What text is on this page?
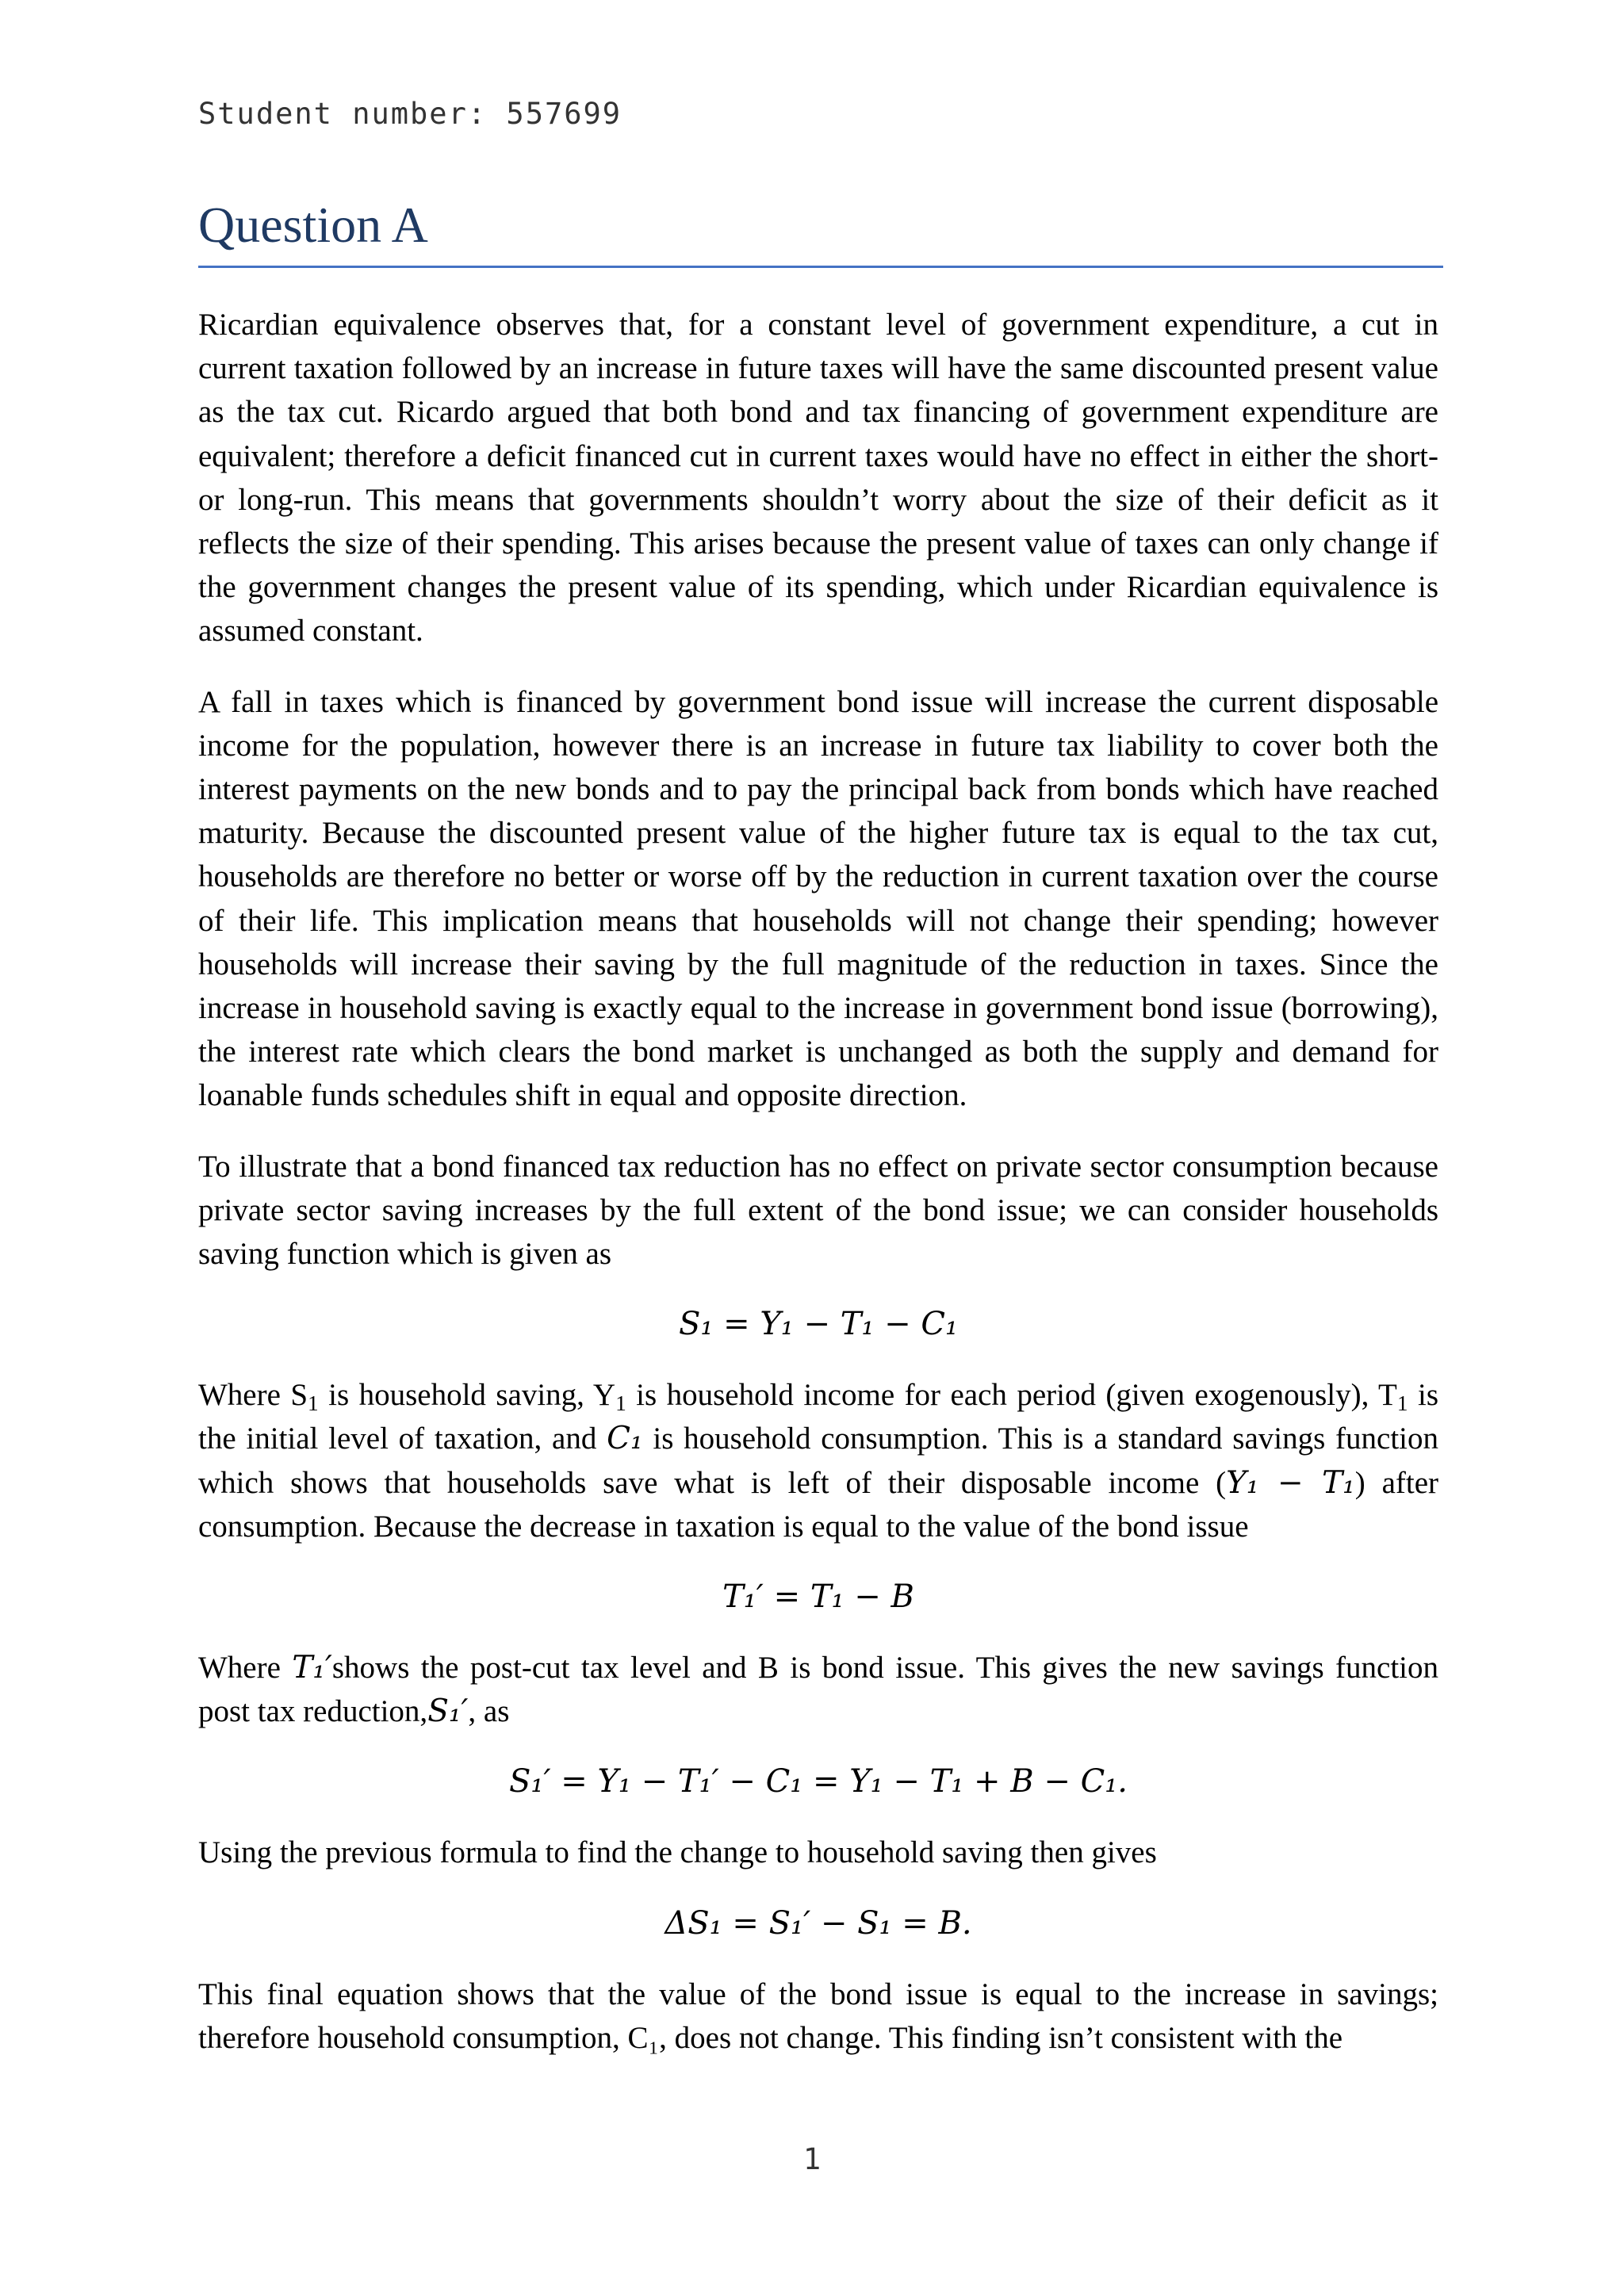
Student number: 557699
Question A

Ricardian equivalence observes that, for a constant level of government expenditure, a cut in current taxation followed by an increase in future taxes will have the same discounted present value as the tax cut. Ricardo argued that both bond and tax financing of government expenditure are equivalent; therefore a deficit financed cut in current taxes would have no effect in either the short- or long-run. This means that governments shouldn’t worry about the size of their deficit as it reflects the size of their spending. This arises because the present value of taxes can only change if the government changes the present value of its spending, which under Ricardian equivalence is assumed constant.

A fall in taxes which is financed by government bond issue will increase the current disposable income for the population, however there is an increase in future tax liability to cover both the interest payments on the new bonds and to pay the principal back from bonds which have reached maturity. Because the discounted present value of the higher future tax is equal to the tax cut, households are therefore no better or worse off by the reduction in current taxation over the course of their life. This implication means that households will not change their spending; however households will increase their saving by the full magnitude of the reduction in taxes. Since the increase in household saving is exactly equal to the increase in government bond issue (borrowing), the interest rate which clears the bond market is unchanged as both the supply and demand for loanable funds schedules shift in equal and opposite direction.

To illustrate that a bond financed tax reduction has no effect on private sector consumption because private sector saving increases by the full extent of the bond issue; we can consider households saving function which is given as

S₁ = Y₁ − T₁ − C₁

Where $S_1$ is household saving, $Y_1$ is household income for each period (given exogenously), $T_1$ is the initial level of taxation, and C₁ is household consumption. This is a standard savings function which shows that households save what is left of their disposable income (Y₁ − T₁) after consumption. Because the decrease in taxation is equal to the value of the bond issue

T₁′ = T₁ − B

Where T₁′shows the post-cut tax level and B is bond issue. This gives the new savings function post tax reduction,S₁′, as

S₁′ = Y₁ − T₁′ − C₁ = Y₁ − T₁ + B − C₁.

Using the previous formula to find the change to household saving then gives

ΔS₁ = S₁′ − S₁ = B.

This final equation shows that the value of the bond issue is equal to the increase in savings; therefore household consumption, C₁, does not change. This finding isn’t consistent with the

1
